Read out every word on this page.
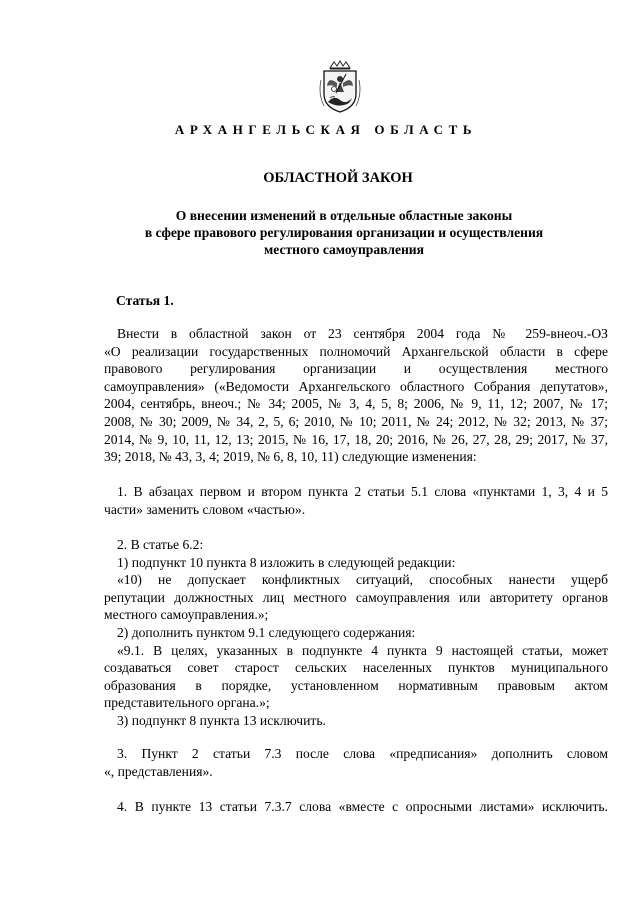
АРХАНГЕЛЬСКАЯ ОБЛАСТЬ
ОБЛАСТНОЙ ЗАКОН
О внесении изменений в отдельные областные законы
в сфере правового регулирования организации и осуществления
местного самоуправления
Статья 1.
Внести в областной закон от 23 сентября 2004 года № 259-внеоч.-ОЗ
«О реализации государственных полномочий Архангельской области в сфере
правового регулирования организации и осуществления местного
самоуправления» («Ведомости Архангельского областного Собрания депутатов»,
2004, сентябрь, внеоч.; № 34; 2005, № 3, 4, 5, 8; 2006, № 9, 11, 12; 2007, № 17;
2008, № 30; 2009, № 34, 2, 5, 6; 2010, № 10; 2011, № 24; 2012, № 32; 2013, № 37;
2014, № 9, 10, 11, 12, 13; 2015, № 16, 17, 18, 20; 2016, № 26, 27, 28, 29; 2017, № 37,
39; 2018, № 43, 3, 4; 2019, № 6, 8, 10, 11) следующие изменения:
1. В абзацах первом и втором пункта 2 статьи 5.1 слова «пунктами 1, 3, 4 и 5
части» заменить словом «частью».
2. В статье 6.2:
1) подпункт 10 пункта 8 изложить в следующей редакции:
«10) не допускает конфликтных ситуаций, способных нанести ущерб
репутации должностных лиц местного самоуправления или авторитету органов
местного самоуправления.»;
2) дополнить пунктом 9.1 следующего содержания:
«9.1. В целях, указанных в подпункте 4 пункта 9 настоящей статьи, может
создаваться совет старост сельских населенных пунктов муниципального
образования в порядке, установленном нормативным правовым актом
представительного органа.»;
3) подпункт 8 пункта 13 исключить.
3. Пункт 2 статьи 7.3 после слова «предписания» дополнить словом
«, представления».
4. В пункте 13 статьи 7.3.7 слова «вместе с опросными листами» исключить.
